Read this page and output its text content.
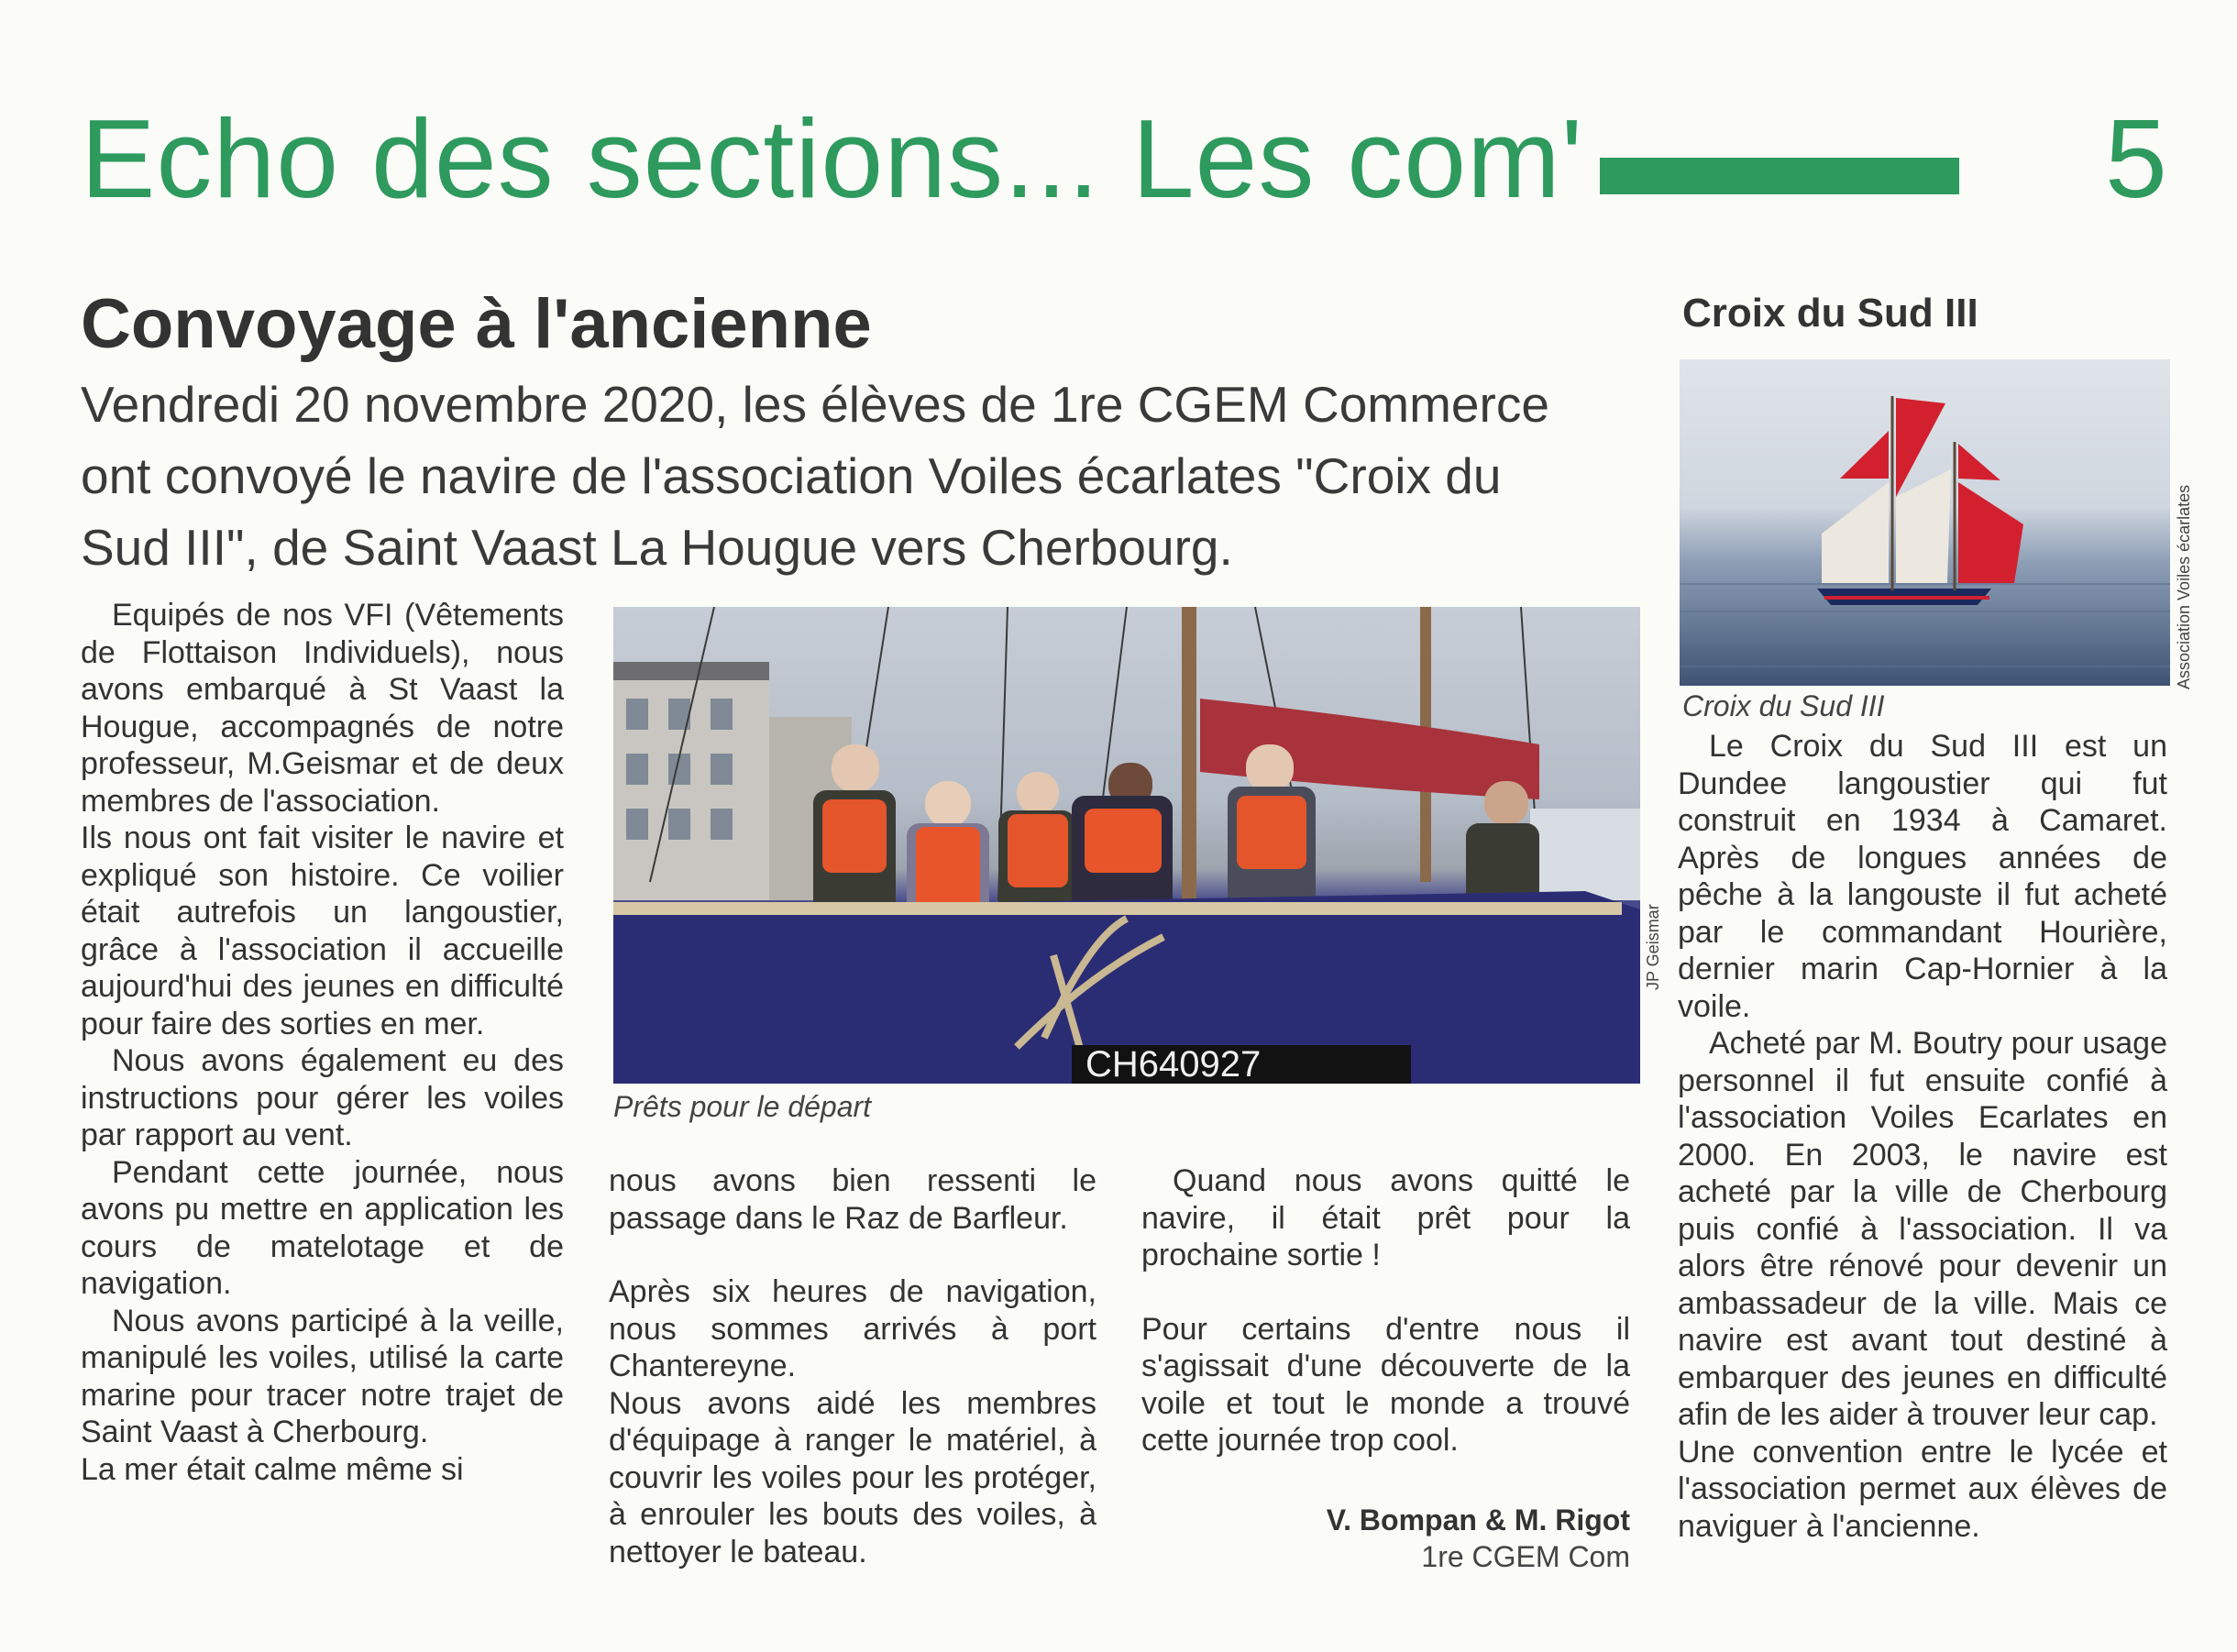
Echo des sections... Les com'	5
Convoyage à l'ancienne
Vendredi 20 novembre 2020, les élèves de 1re CGEM Commerce
ont convoyé le navire de l'association Voiles écarlates "Croix du
Sud III", de Saint Vaast La Hougue vers Cherbourg.

Equipés de nos VFI (Vêtements de Flottaison Individuels), nous avons embarqué à St Vaast la Hougue, accompagnés de notre professeur, M.Geismar et de deux membres de l'association.

Ils nous ont fait visiter le navire et expliqué son histoire. Ce voilier était autrefois un langoustier, grâce à l'association il accueille aujourd'hui des jeunes en difficulté pour faire des sorties en mer.

Nous avons également eu des instructions pour gérer les voiles par rapport au vent.

Pendant cette journée, nous avons pu mettre en application les cours de matelotage et de navigation.

Nous avons participé à la veille, manipulé les voiles, utilisé la carte marine pour tracer notre trajet de Saint Vaast à Cherbourg.

La mer était calme même si

CH640927
JP Geismar
Prêts pour le départ

nous avons bien ressenti le passage dans le Raz de Barfleur.

Après six heures de navigation, nous sommes arrivés à port Chantereyne.

Nous avons aidé les membres d'équipage à ranger le matériel, à couvrir les voiles pour les protéger, à enrouler les bouts des voiles, à nettoyer le bateau.

Quand nous avons quitté le navire, il était prêt pour la prochaine sortie !

Pour certains d'entre nous il s'agissait d'une découverte de la voile et tout le monde a trouvé cette journée trop cool.

V. Bompan & M. Rigot
1re CGEM Com
Croix du Sud III
Association Voiles écarlates
Croix du Sud III

Le Croix du Sud III est un Dundee langoustier qui fut construit en 1934 à Camaret. Après de longues années de pêche à la langouste il fut acheté par le commandant Hourière, dernier marin Cap-Hornier à la voile.

Acheté par M. Boutry pour usage personnel il fut ensuite confié à l'association Voiles Ecarlates en 2000. En 2003, le navire est acheté par la ville de Cherbourg puis confié à l'association. Il va alors être rénové pour devenir un ambassadeur de la ville. Mais ce navire est avant tout destiné à embarquer des jeunes en difficulté afin de les aider à trouver leur cap.

Une convention entre le lycée et l'association permet aux élèves de naviguer à l'ancienne.
